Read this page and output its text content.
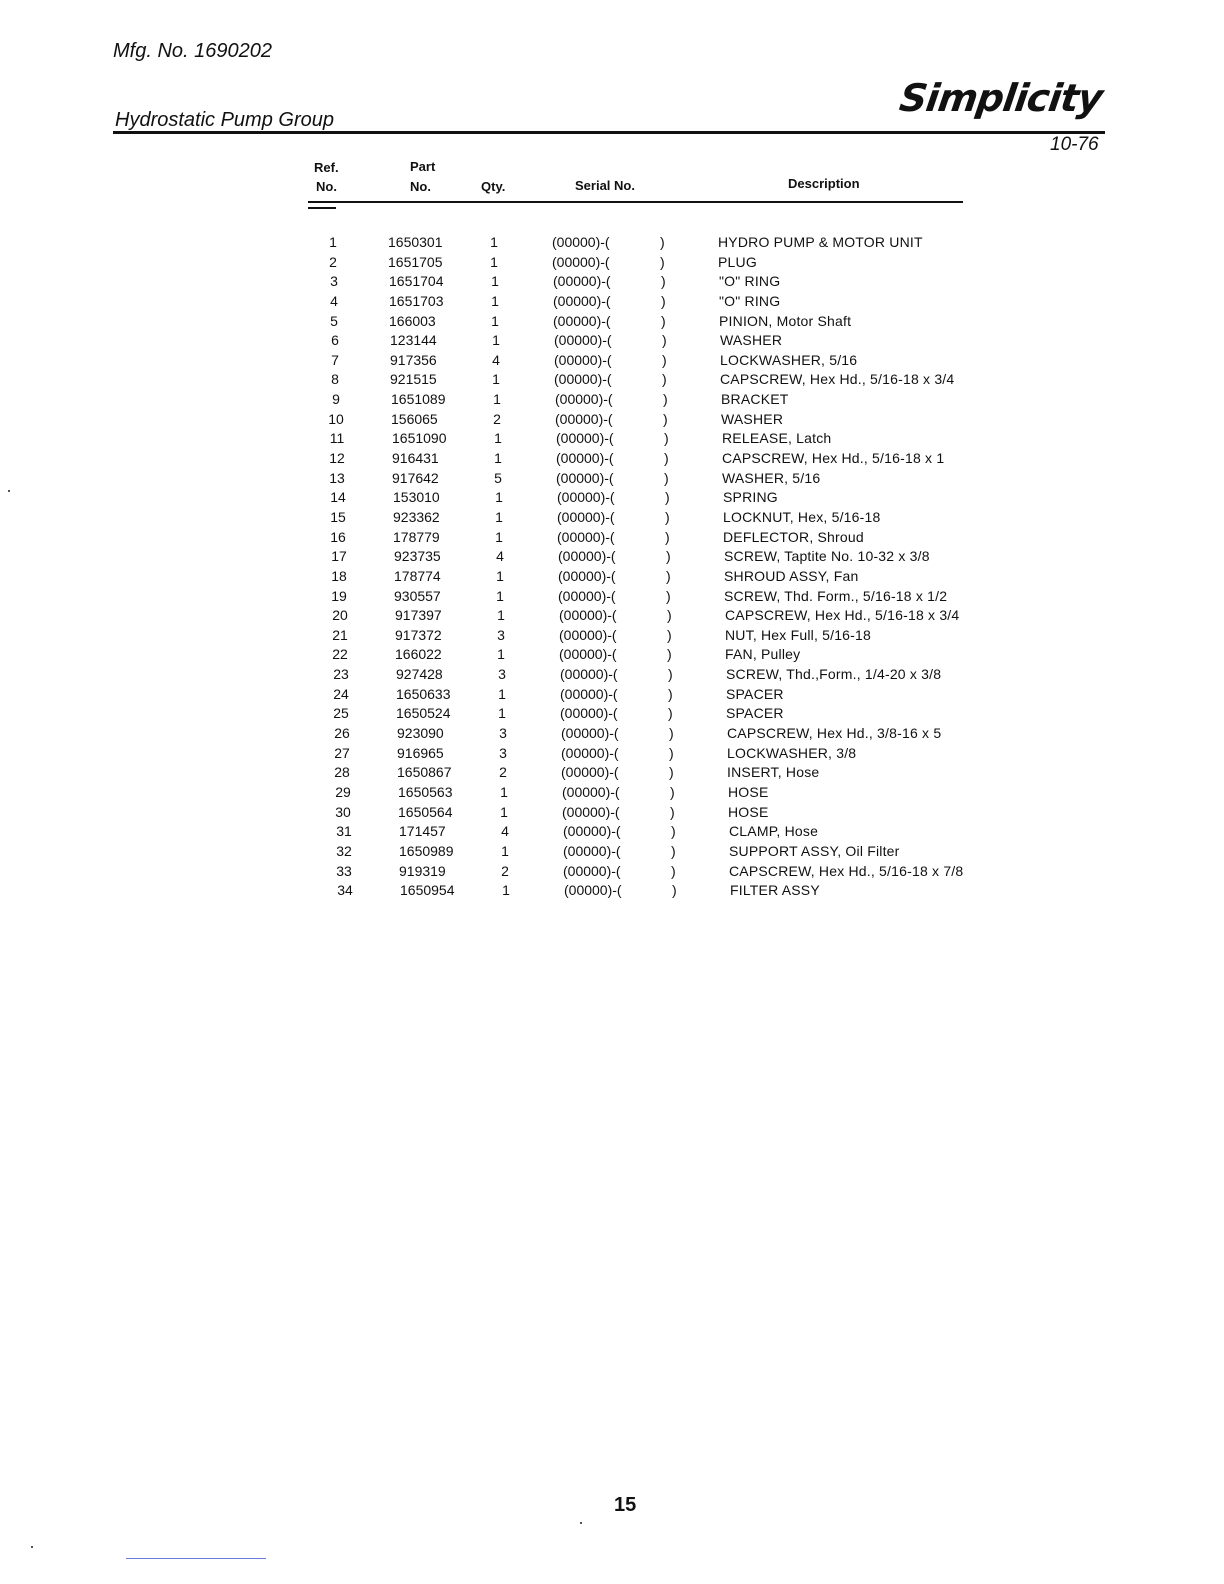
Mfg. No. 1690202
Hydrostatic Pump Group	Simplicity
10-76
Ref.
No.
Part
No.	Qty.	Serial No.	Description
1	1650301	1	(00000)-(	)	HYDRO PUMP & MOTOR UNIT
2	1651705	1	(00000)-(	)	PLUG
3	1651704	1	(00000)-(	)	"O" RING
4	1651703	1	(00000)-(	)	"O" RING
5	166003	1	(00000)-(	)	PINION, Motor Shaft
6	123144	1	(00000)-(	)	WASHER
7	917356	4	(00000)-(	)	LOCKWASHER, 5/16
8	921515	1	(00000)-(	)	CAPSCREW, Hex Hd., 5/16-18 x 3/4
9	1651089	1	(00000)-(	)	BRACKET
10	156065	2	(00000)-(	)	WASHER
11	1651090	1	(00000)-(	)	RELEASE, Latch
12	916431	1	(00000)-(	)	CAPSCREW, Hex Hd., 5/16-18 x 1
13	917642	5	(00000)-(	)	WASHER, 5/16
14	153010	1	(00000)-(	)	SPRING
15	923362	1	(00000)-(	)	LOCKNUT, Hex, 5/16-18
16	178779	1	(00000)-(	)	DEFLECTOR, Shroud
17	923735	4	(00000)-(	)	SCREW, Taptite No. 10-32 x 3/8
18	178774	1	(00000)-(	)	SHROUD ASSY, Fan
19	930557	1	(00000)-(	)	SCREW, Thd. Form., 5/16-18 x 1/2
20	917397	1	(00000)-(	)	CAPSCREW, Hex Hd., 5/16-18 x 3/4
21	917372	3	(00000)-(	)	NUT, Hex Full, 5/16-18
22	166022	1	(00000)-(	)	FAN, Pulley
23	927428	3	(00000)-(	)	SCREW, Thd.,Form., 1/4-20 x 3/8
24	1650633	1	(00000)-(	)	SPACER
25	1650524	1	(00000)-(	)	SPACER
26	923090	3	(00000)-(	)	CAPSCREW, Hex Hd., 3/8-16 x 5
27	916965	3	(00000)-(	)	LOCKWASHER, 3/8
28	1650867	2	(00000)-(	)	INSERT, Hose
29	1650563	1	(00000)-(	)	HOSE
30	1650564	1	(00000)-(	)	HOSE
31	171457	4	(00000)-(	)	CLAMP, Hose
32	1650989	1	(00000)-(	)	SUPPORT ASSY, Oil Filter
33	919319	2	(00000)-(	)	CAPSCREW, Hex Hd., 5/16-18 x 7/8
34	1650954	1	(00000)-(	)	FILTER ASSY
15
